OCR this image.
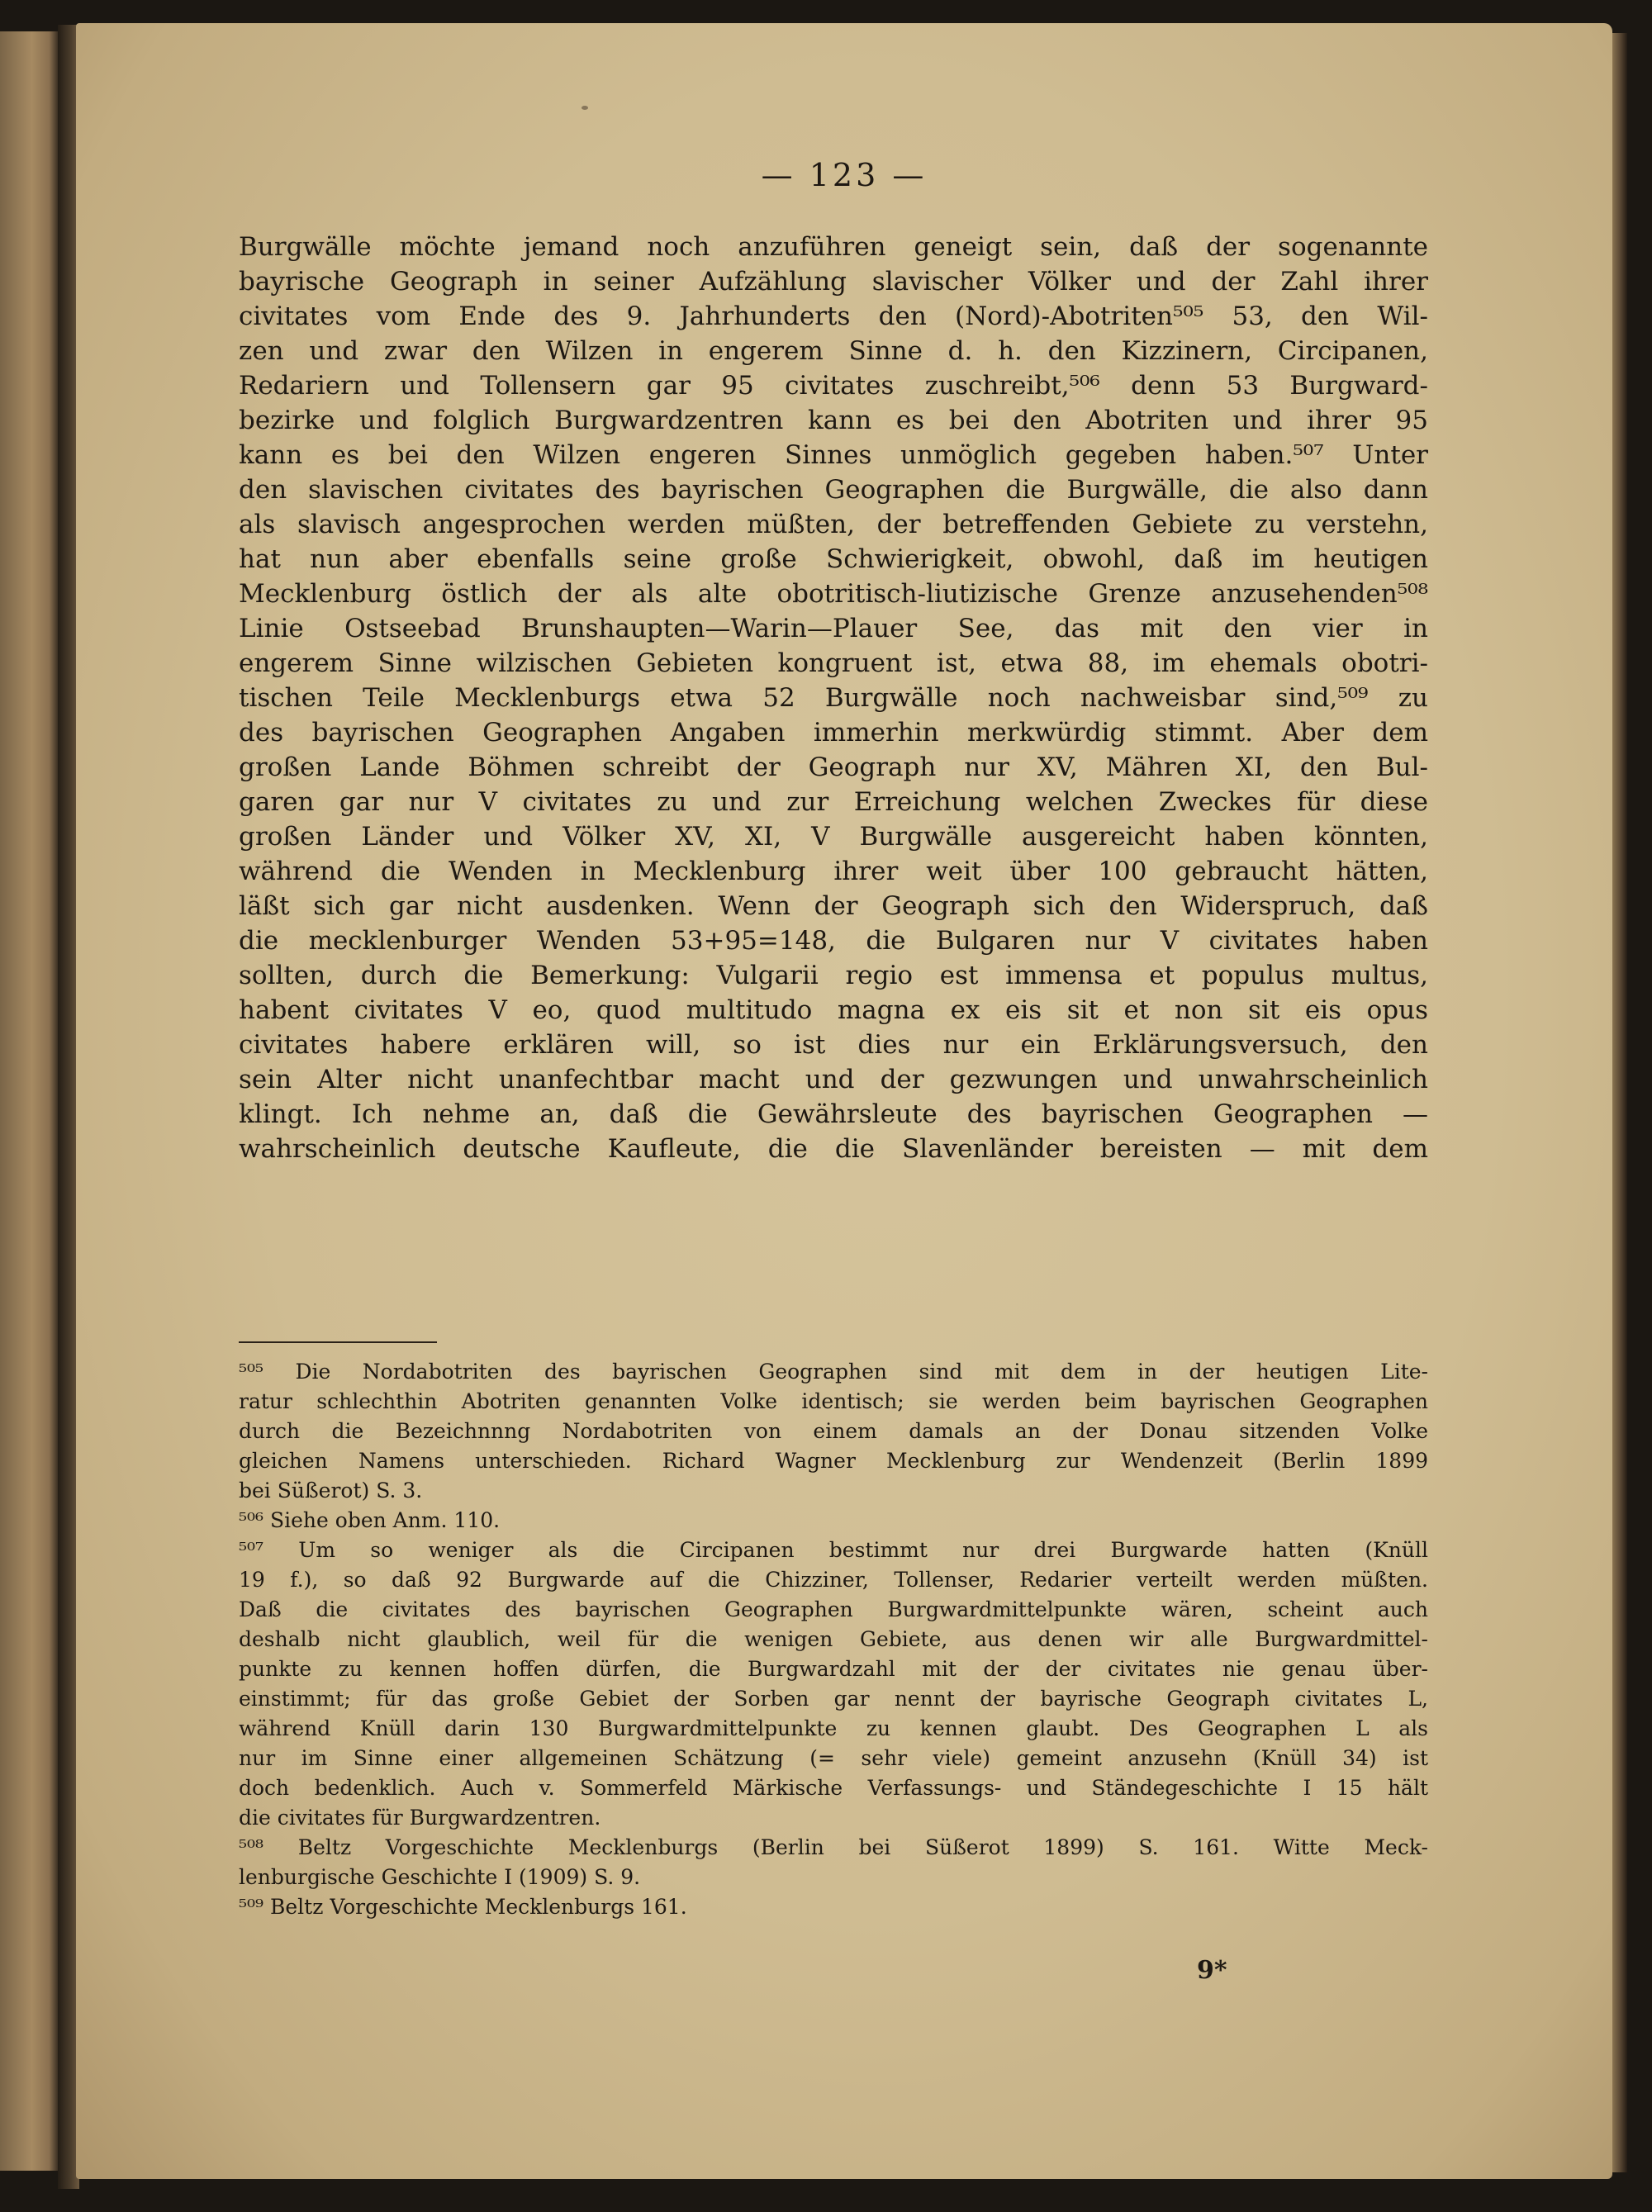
— 123 —
Burgwälle möchte jemand noch anzuführen geneigt sein, daß der sogenannte
bayrische Geograph in seiner Aufzählung slavischer Völker und der Zahl ihrer
civitates vom Ende des 9. Jahrhunderts den (Nord)-Abotriten⁵⁰⁵ 53, den Wil-
zen und zwar den Wilzen in engerem Sinne d. h. den Kizzinern, Circipanen,
Redariern und Tollensern gar 95 civitates zuschreibt,⁵⁰⁶ denn 53 Burgward-
bezirke und folglich Burgwardzentren kann es bei den Abotriten und ihrer 95
kann es bei den Wilzen engeren Sinnes unmöglich gegeben haben.⁵⁰⁷ Unter
den slavischen civitates des bayrischen Geographen die Burgwälle, die also dann
als slavisch angesprochen werden müßten, der betreffenden Gebiete zu verstehn,
hat nun aber ebenfalls seine große Schwierigkeit, obwohl, daß im heutigen
Mecklenburg östlich der als alte obotritisch-liutizische Grenze anzusehenden⁵⁰⁸
Linie Ostseebad Brunshaupten—Warin—Plauer See, das mit den vier in
engerem Sinne wilzischen Gebieten kongruent ist, etwa 88, im ehemals obotri-
tischen Teile Mecklenburgs etwa 52 Burgwälle noch nachweisbar sind,⁵⁰⁹ zu
des bayrischen Geographen Angaben immerhin merkwürdig stimmt. Aber dem
großen Lande Böhmen schreibt der Geograph nur XV, Mähren XI, den Bul-
garen gar nur V civitates zu und zur Erreichung welchen Zweckes für diese
großen Länder und Völker XV, XI, V Burgwälle ausgereicht haben könnten,
während die Wenden in Mecklenburg ihrer weit über 100 gebraucht hätten,
läßt sich gar nicht ausdenken. Wenn der Geograph sich den Widerspruch, daß
die mecklenburger Wenden 53+95=148, die Bulgaren nur V civitates haben
sollten, durch die Bemerkung: Vulgarii regio est immensa et populus multus,
habent civitates V eo, quod multitudo magna ex eis sit et non sit eis opus
civitates habere erklären will, so ist dies nur ein Erklärungsversuch, den
sein Alter nicht unanfechtbar macht und der gezwungen und unwahrscheinlich
klingt. Ich nehme an, daß die Gewährsleute des bayrischen Geographen —
wahrscheinlich deutsche Kaufleute, die die Slavenländer bereisten — mit dem
⁵⁰⁵ Die Nordabotriten des bayrischen Geographen sind mit dem in der heutigen Lite-
ratur schlechthin Abotriten genannten Volke identisch; sie werden beim bayrischen Geographen
durch die Bezeichnnng Nordabotriten von einem damals an der Donau sitzenden Volke
gleichen Namens unterschieden. Richard Wagner Mecklenburg zur Wendenzeit (Berlin 1899
bei Süßerot) S. 3.
⁵⁰⁶ Siehe oben Anm. 110.
⁵⁰⁷ Um so weniger als die Circipanen bestimmt nur drei Burgwarde hatten (Knüll
19 f.), so daß 92 Burgwarde auf die Chizziner, Tollenser, Redarier verteilt werden müßten.
Daß die civitates des bayrischen Geographen Burgwardmittelpunkte wären, scheint auch
deshalb nicht glaublich, weil für die wenigen Gebiete, aus denen wir alle Burgwardmittel-
punkte zu kennen hoffen dürfen, die Burgwardzahl mit der der civitates nie genau über-
einstimmt; für das große Gebiet der Sorben gar nennt der bayrische Geograph civitates L,
während Knüll darin 130 Burgwardmittelpunkte zu kennen glaubt. Des Geographen L als
nur im Sinne einer allgemeinen Schätzung (= sehr viele) gemeint anzusehn (Knüll 34) ist
doch bedenklich. Auch v. Sommerfeld Märkische Verfassungs- und Ständegeschichte I 15 hält
die civitates für Burgwardzentren.
⁵⁰⁸ Beltz Vorgeschichte Mecklenburgs (Berlin bei Süßerot 1899) S. 161. Witte Meck-
lenburgische Geschichte I (1909) S. 9.
⁵⁰⁹ Beltz Vorgeschichte Mecklenburgs 161.
9*
